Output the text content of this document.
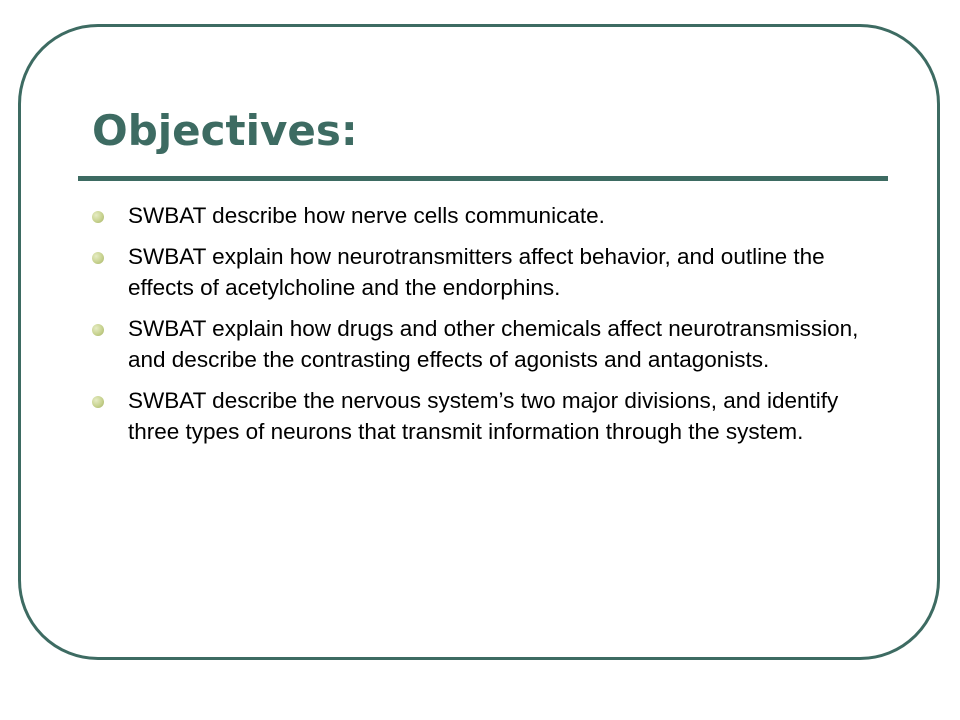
Objectives:
SWBAT describe how nerve cells communicate.
SWBAT explain how neurotransmitters affect behavior, and outline the effects of acetylcholine and the endorphins.
SWBAT explain how drugs and other chemicals affect neurotransmission, and describe the contrasting effects of agonists and antagonists.
SWBAT describe the nervous system’s two major divisions, and identify three types of neurons that transmit information through the system.
